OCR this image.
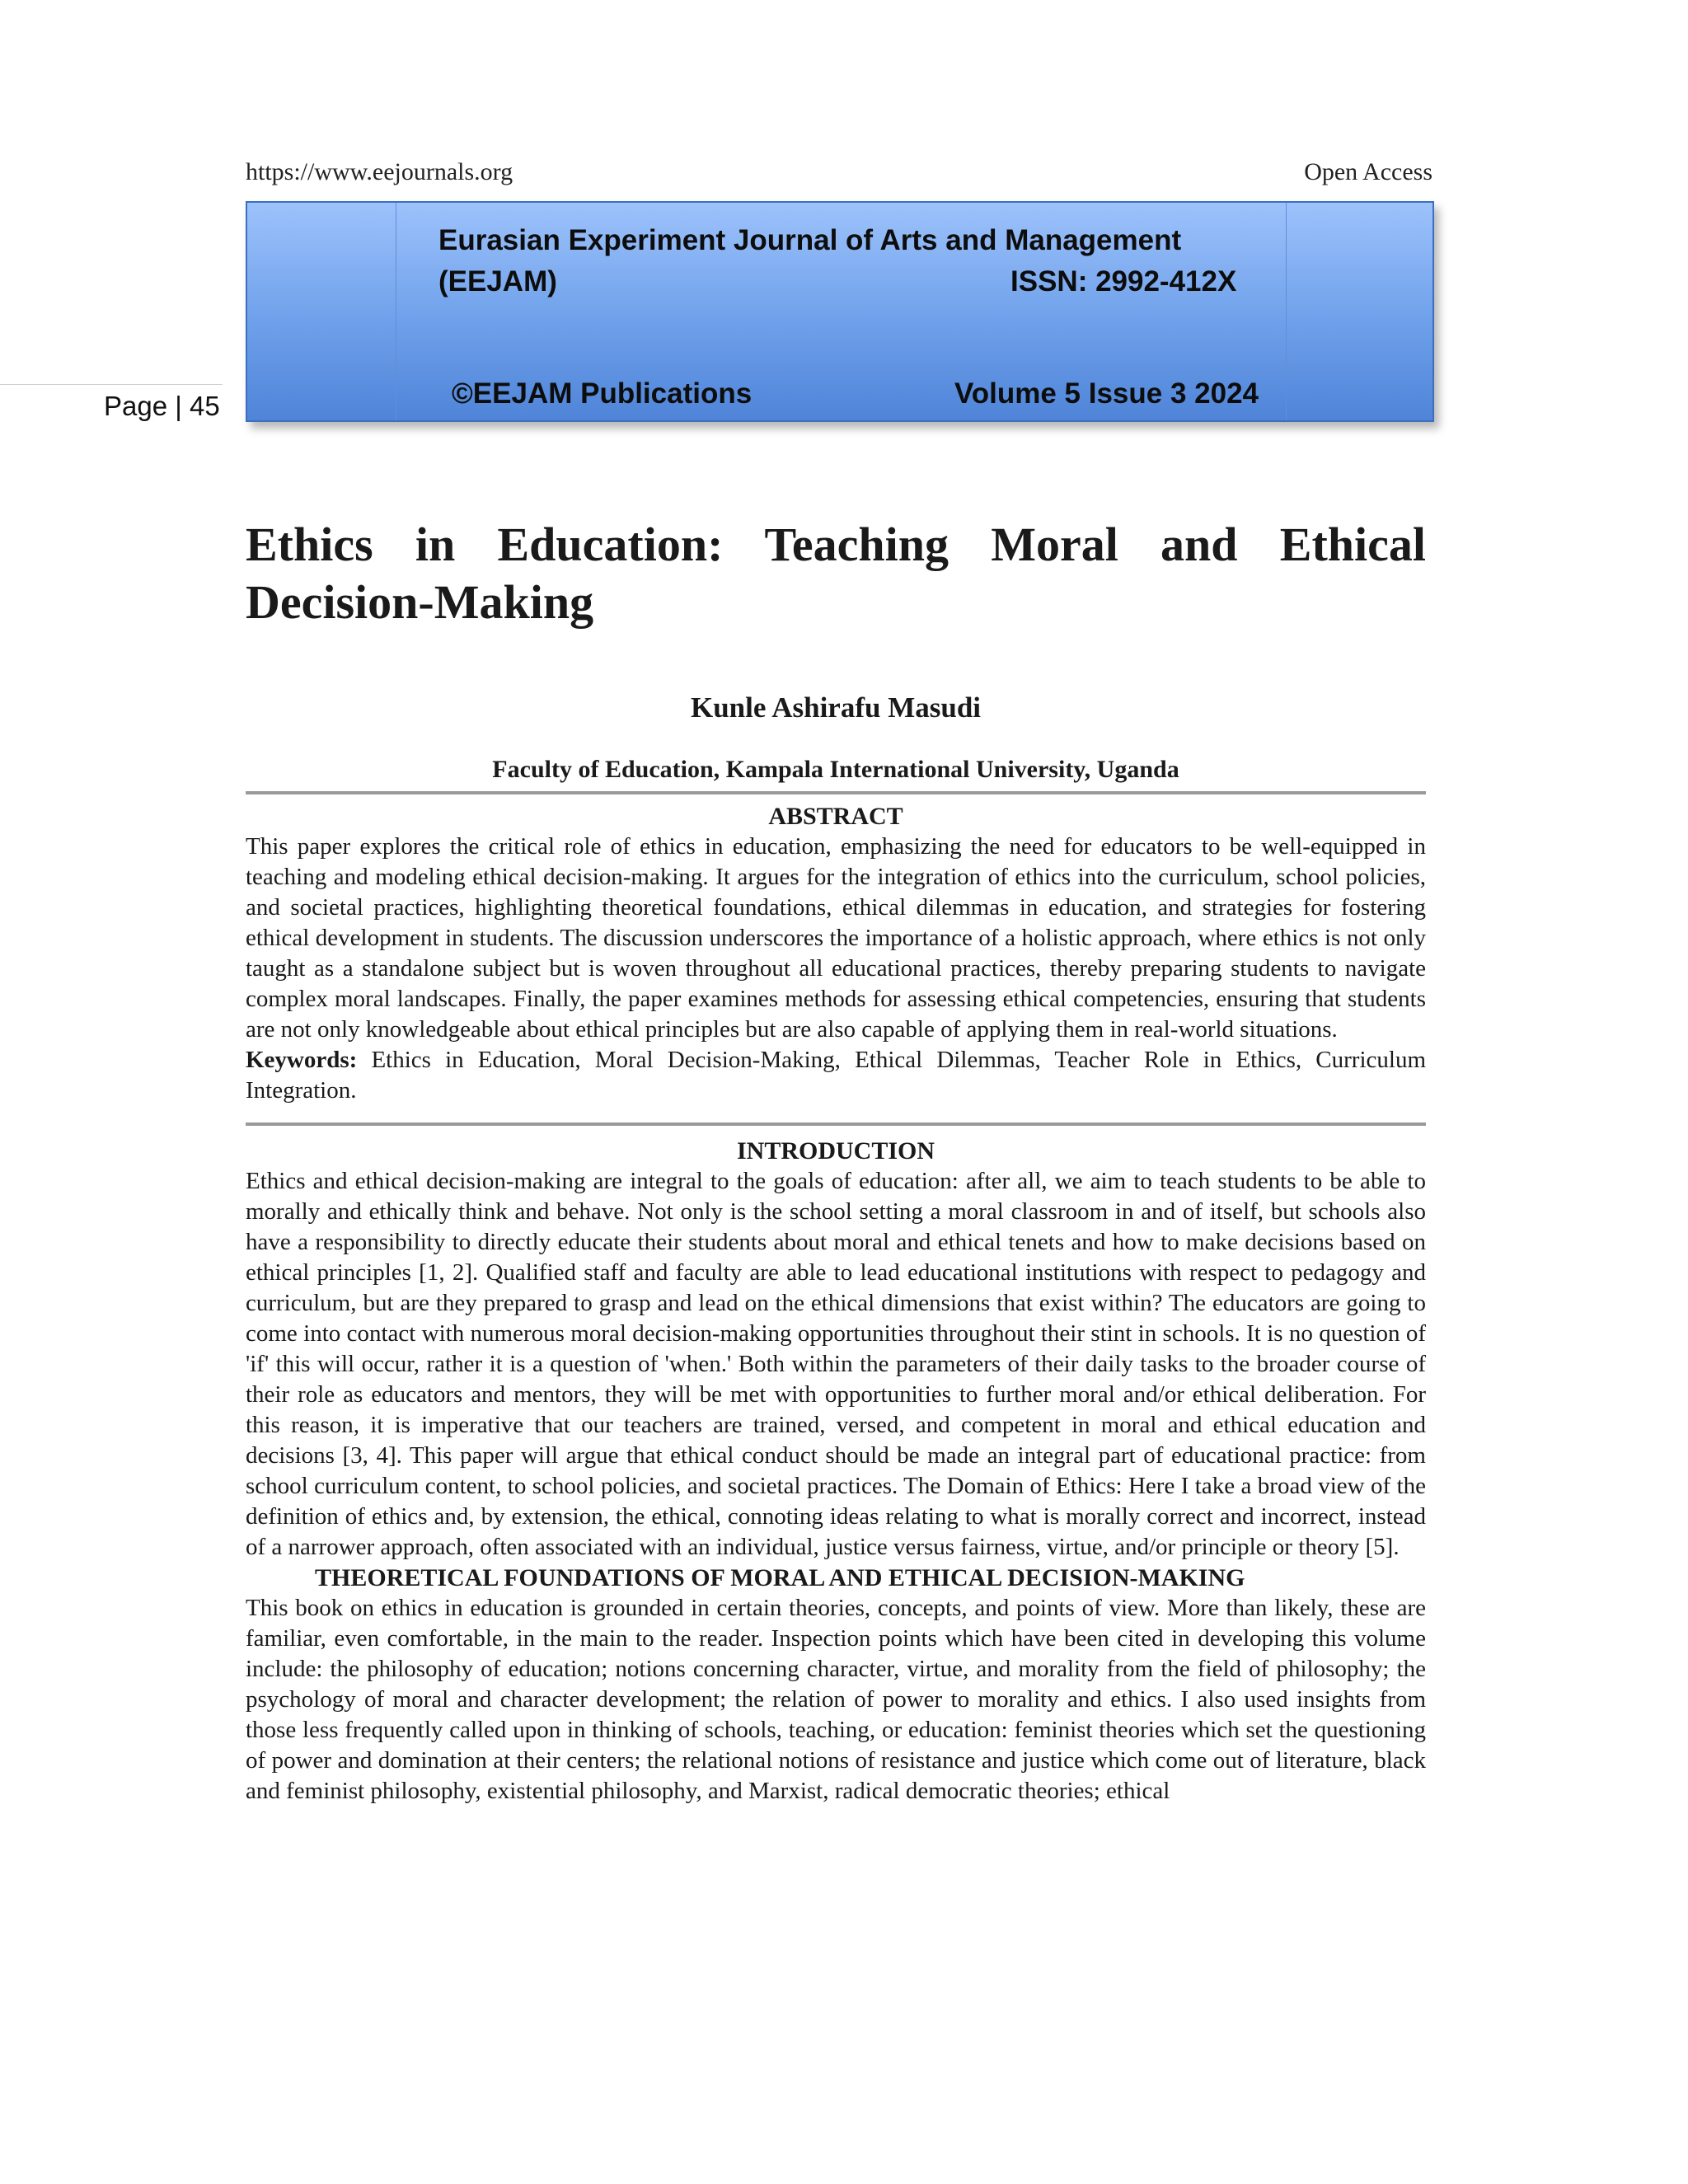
https://www.eejournals.org	Open Access
Page | 45
Eurasian Experiment Journal of Arts and Management
(EEJAM)	ISSN: 2992-412X
©EEJAM Publications	Volume 5 Issue 3 2024
Ethics in Education: Teaching Moral and Ethical Decision-Making
Kunle Ashirafu Masudi
Faculty of Education, Kampala International University, Uganda
ABSTRACT

This paper explores the critical role of ethics in education, emphasizing the need for educators to be well-equipped in teaching and modeling ethical decision-making. It argues for the integration of ethics into the curriculum, school policies, and societal practices, highlighting theoretical foundations, ethical dilemmas in education, and strategies for fostering ethical development in students. The discussion underscores the importance of a holistic approach, where ethics is not only taught as a standalone subject but is woven throughout all educational practices, thereby preparing students to navigate complex moral landscapes. Finally, the paper examines methods for assessing ethical competencies, ensuring that students are not only knowledgeable about ethical principles but are also capable of applying them in real-world situations.
Keywords: Ethics in Education, Moral Decision-Making, Ethical Dilemmas, Teacher Role in Ethics, Curriculum Integration.

INTRODUCTION

Ethics and ethical decision-making are integral to the goals of education: after all, we aim to teach students to be able to morally and ethically think and behave. Not only is the school setting a moral classroom in and of itself, but schools also have a responsibility to directly educate their students about moral and ethical tenets and how to make decisions based on ethical principles [1, 2]. Qualified staff and faculty are able to lead educational institutions with respect to pedagogy and curriculum, but are they prepared to grasp and lead on the ethical dimensions that exist within? The educators are going to come into contact with numerous moral decision-making opportunities throughout their stint in schools. It is no question of 'if' this will occur, rather it is a question of 'when.' Both within the parameters of their daily tasks to the broader course of their role as educators and mentors, they will be met with opportunities to further moral and/or ethical deliberation. For this reason, it is imperative that our teachers are trained, versed, and competent in moral and ethical education and decisions [3, 4]. This paper will argue that ethical conduct should be made an integral part of educational practice: from school curriculum content, to school policies, and societal practices. The Domain of Ethics: Here I take a broad view of the definition of ethics and, by extension, the ethical, connoting ideas relating to what is morally correct and incorrect, instead of a narrower approach, often associated with an individual, justice versus fairness, virtue, and/or principle or theory [5].

THEORETICAL FOUNDATIONS OF MORAL AND ETHICAL DECISION-MAKING

This book on ethics in education is grounded in certain theories, concepts, and points of view. More than likely, these are familiar, even comfortable, in the main to the reader. Inspection points which have been cited in developing this volume include: the philosophy of education; notions concerning character, virtue, and morality from the field of philosophy; the psychology of moral and character development; the relation of power to morality and ethics. I also used insights from those less frequently called upon in thinking of schools, teaching, or education: feminist theories which set the questioning of power and domination at their centers; the relational notions of resistance and justice which come out of literature, black and feminist philosophy, existential philosophy, and Marxist, radical democratic theories; ethical
